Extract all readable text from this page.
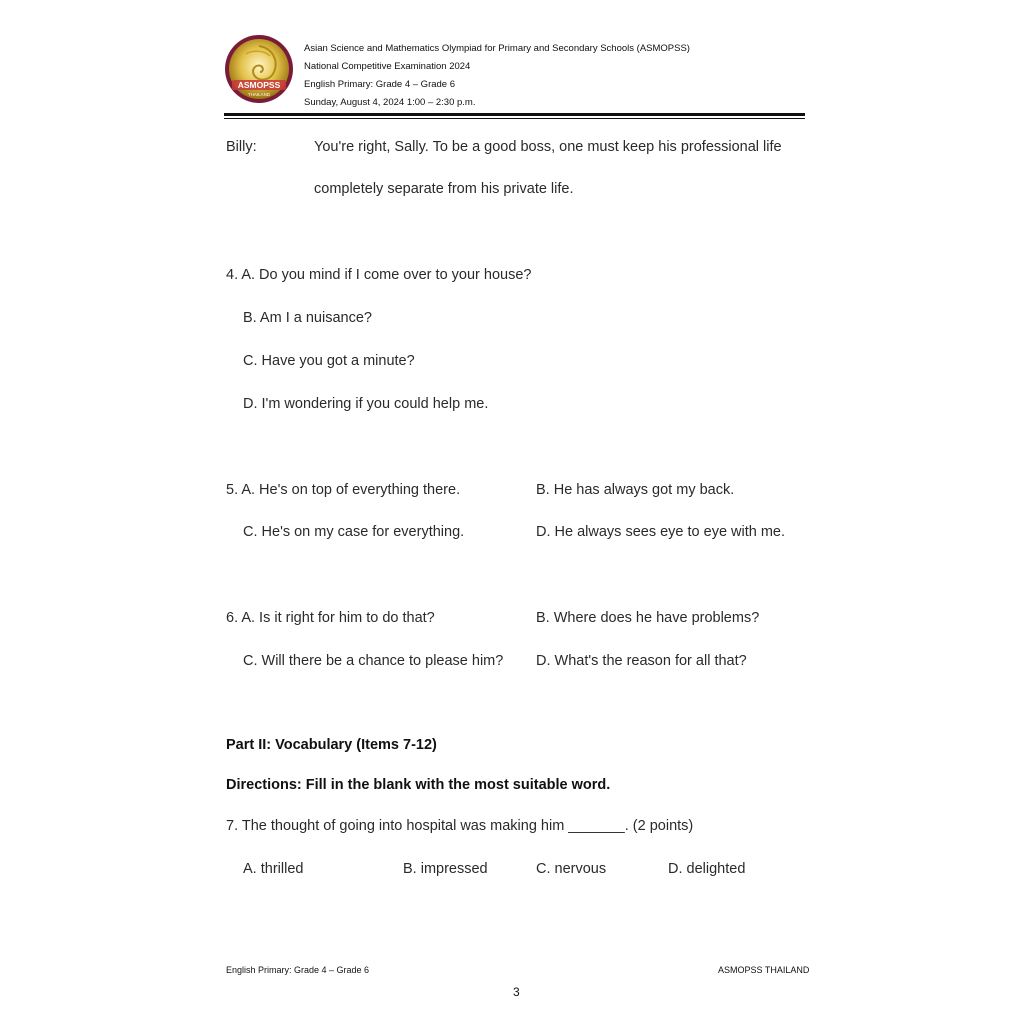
ASMOPSS
THAILAND
Asian Science and Mathematics Olympiad for Primary and Secondary Schools (ASMOPSS)
National Competitive Examination 2024
English Primary: Grade 4 – Grade 6
Sunday, August 4, 2024 1:00 – 2:30 p.m.
Billy:	You're right, Sally. To be a good boss, one must keep his professional life
completely separate from his private life.
4. A. Do you mind if I come over to your house?
B. Am I a nuisance?
C. Have you got a minute?
D. I'm wondering if you could help me.
5. A. He's on top of everything there.	B. He has always got my back.
C. He's on my case for everything.	D. He always sees eye to eye with me.
6. A. Is it right for him to do that?	B. Where does he have problems?
C. Will there be a chance to please him? D. What's the reason for all that?
Part II: Vocabulary (Items 7-12)
Directions: Fill in the blank with the most suitable word.
7. The thought of going into hospital was making him _______. (2 points)
A. thrilled	B. impressed	C. nervous	D. delighted
English Primary: Grade 4 – Grade 6	ASMOPSS THAILAND
3
